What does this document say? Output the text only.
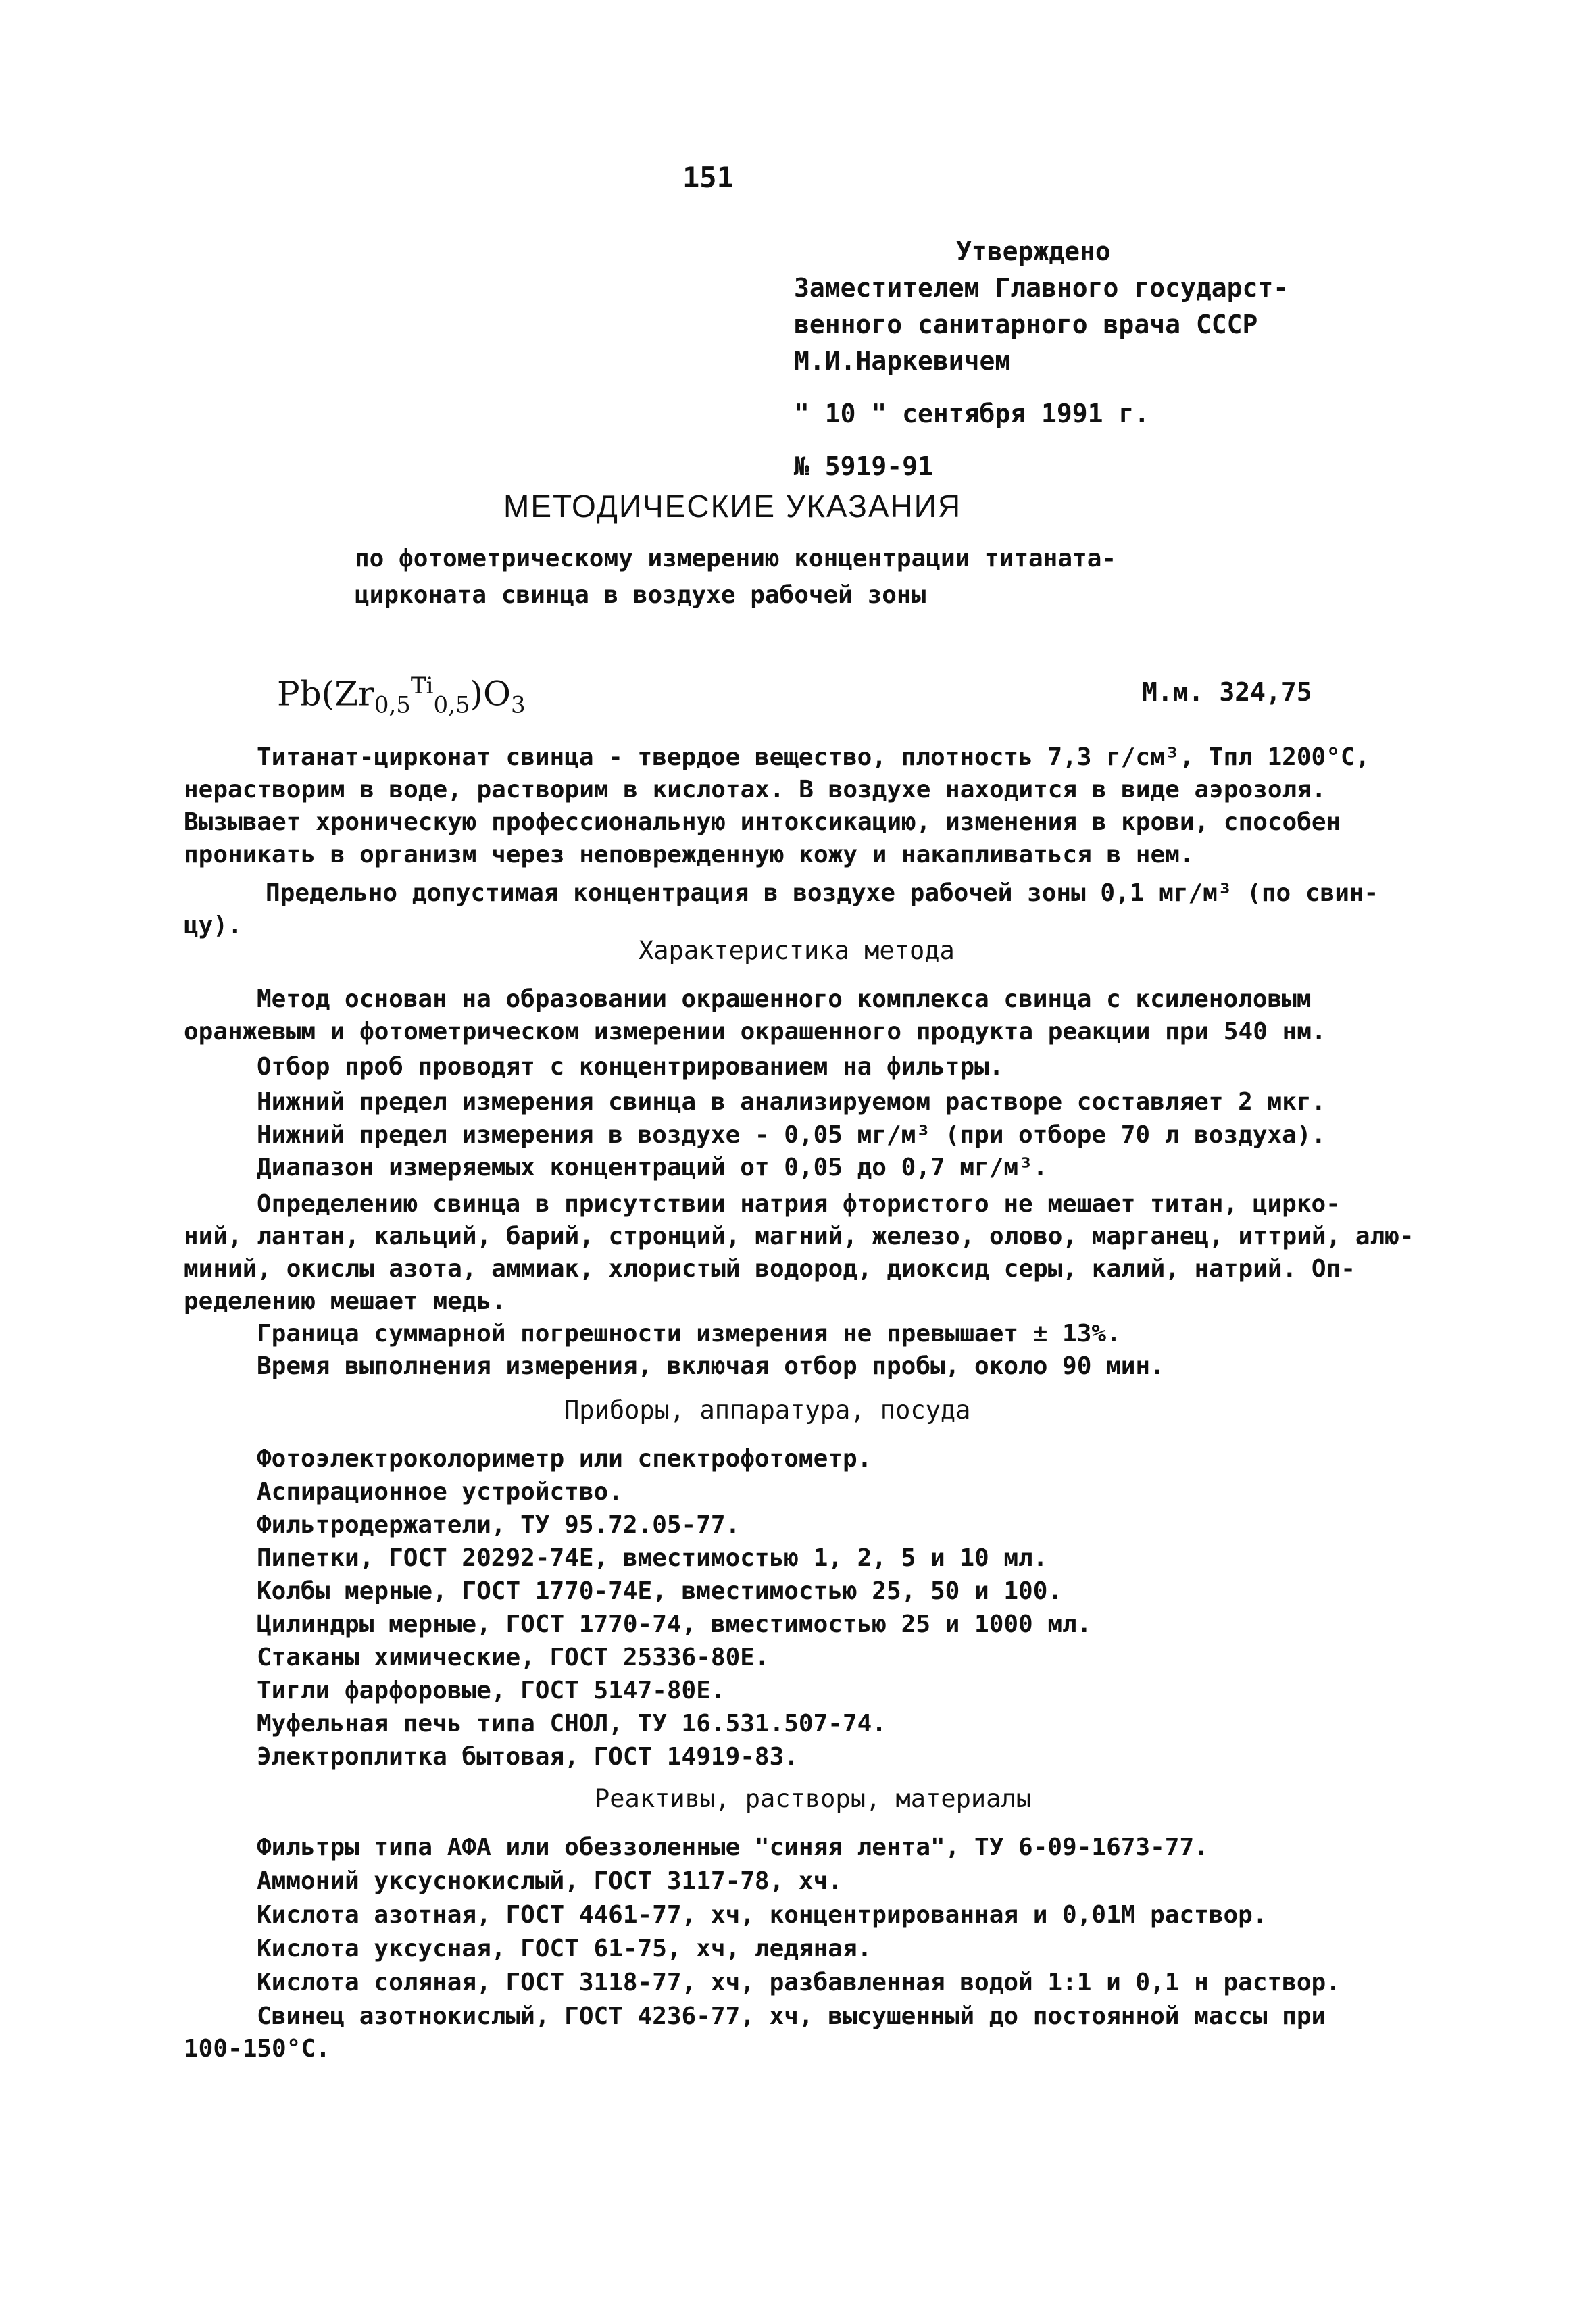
151
Утверждено
Заместителем Главного государст-
венного санитарного врача СССР
М.И.Наркевичем
" 10 " сентября 1991 г.
№ 5919-91
МЕТОДИЧЕСКИЕ УКАЗАНИЯ
по фотометрическому измерению концентрации титаната-
цирконата свинца в воздухе рабочей зоны
$Pb(Zr_{0,5}^{Ti}_{0,5})O_3$	М.м. 324,75
Титанат-цирконат свинца - твердое вещество, плотность 7,3 г/см³, Тпл 1200°С,
нерастворим в воде, растворим в кислотах. В воздухе находится в виде аэрозоля.
Вызывает хроническую профессиональную интоксикацию, изменения в крови, способен
проникать в организм через неповрежденную кожу и накапливаться в нем.
Предельно допустимая концентрация в воздухе рабочей зоны 0,1 мг/м³ (по свин-
цу).
Характеристика метода
Метод основан на образовании окрашенного комплекса свинца с ксиленоловым
оранжевым и фотометрическом измерении окрашенного продукта реакции при 540 нм.
Отбор проб проводят с концентрированием на фильтры.
Нижний предел измерения свинца в анализируемом растворе составляет 2 мкг.
Нижний предел измерения в воздухе - 0,05 мг/м³ (при отборе 70 л воздуха).
Диапазон измеряемых концентраций от 0,05 до 0,7 мг/м³.
Определению свинца в присутствии натрия фтористого не мешает титан, цирко-
ний, лантан, кальций, барий, стронций, магний, железо, олово, марганец, иттрий, алю-
миний, окислы азота, аммиак, хлористый водород, диоксид серы, калий, натрий. Оп-
ределению мешает медь.
Граница суммарной погрешности измерения не превышает ± 13%.
Время выполнения измерения, включая отбор пробы, около 90 мин.
Приборы, аппаратура, посуда
Фотоэлектроколориметр или спектрофотометр.
Аспирационное устройство.
Фильтродержатели, ТУ 95.72.05-77.
Пипетки, ГОСТ 20292-74Е, вместимостью 1, 2, 5 и 10 мл.
Колбы мерные, ГОСТ 1770-74Е, вместимостью 25, 50 и 100.
Цилиндры мерные, ГОСТ 1770-74, вместимостью 25 и 1000 мл.
Стаканы химические, ГОСТ 25336-80Е.
Тигли фарфоровые, ГОСТ 5147-80Е.
Муфельная печь типа СНОЛ, ТУ 16.531.507-74.
Электроплитка бытовая, ГОСТ 14919-83.
Реактивы, растворы, материалы
Фильтры типа АФА или обеззоленные "синяя лента", ТУ 6-09-1673-77.
Аммоний уксуснокислый, ГОСТ 3117-78, хч.
Кислота азотная, ГОСТ 4461-77, хч, концентрированная и 0,01М раствор.
Кислота уксусная, ГОСТ 61-75, хч, ледяная.
Кислота соляная, ГОСТ 3118-77, хч, разбавленная водой 1:1 и 0,1 н раствор.
Свинец азотнокислый, ГОСТ 4236-77, хч, высушенный до постоянной массы при
100-150°С.
